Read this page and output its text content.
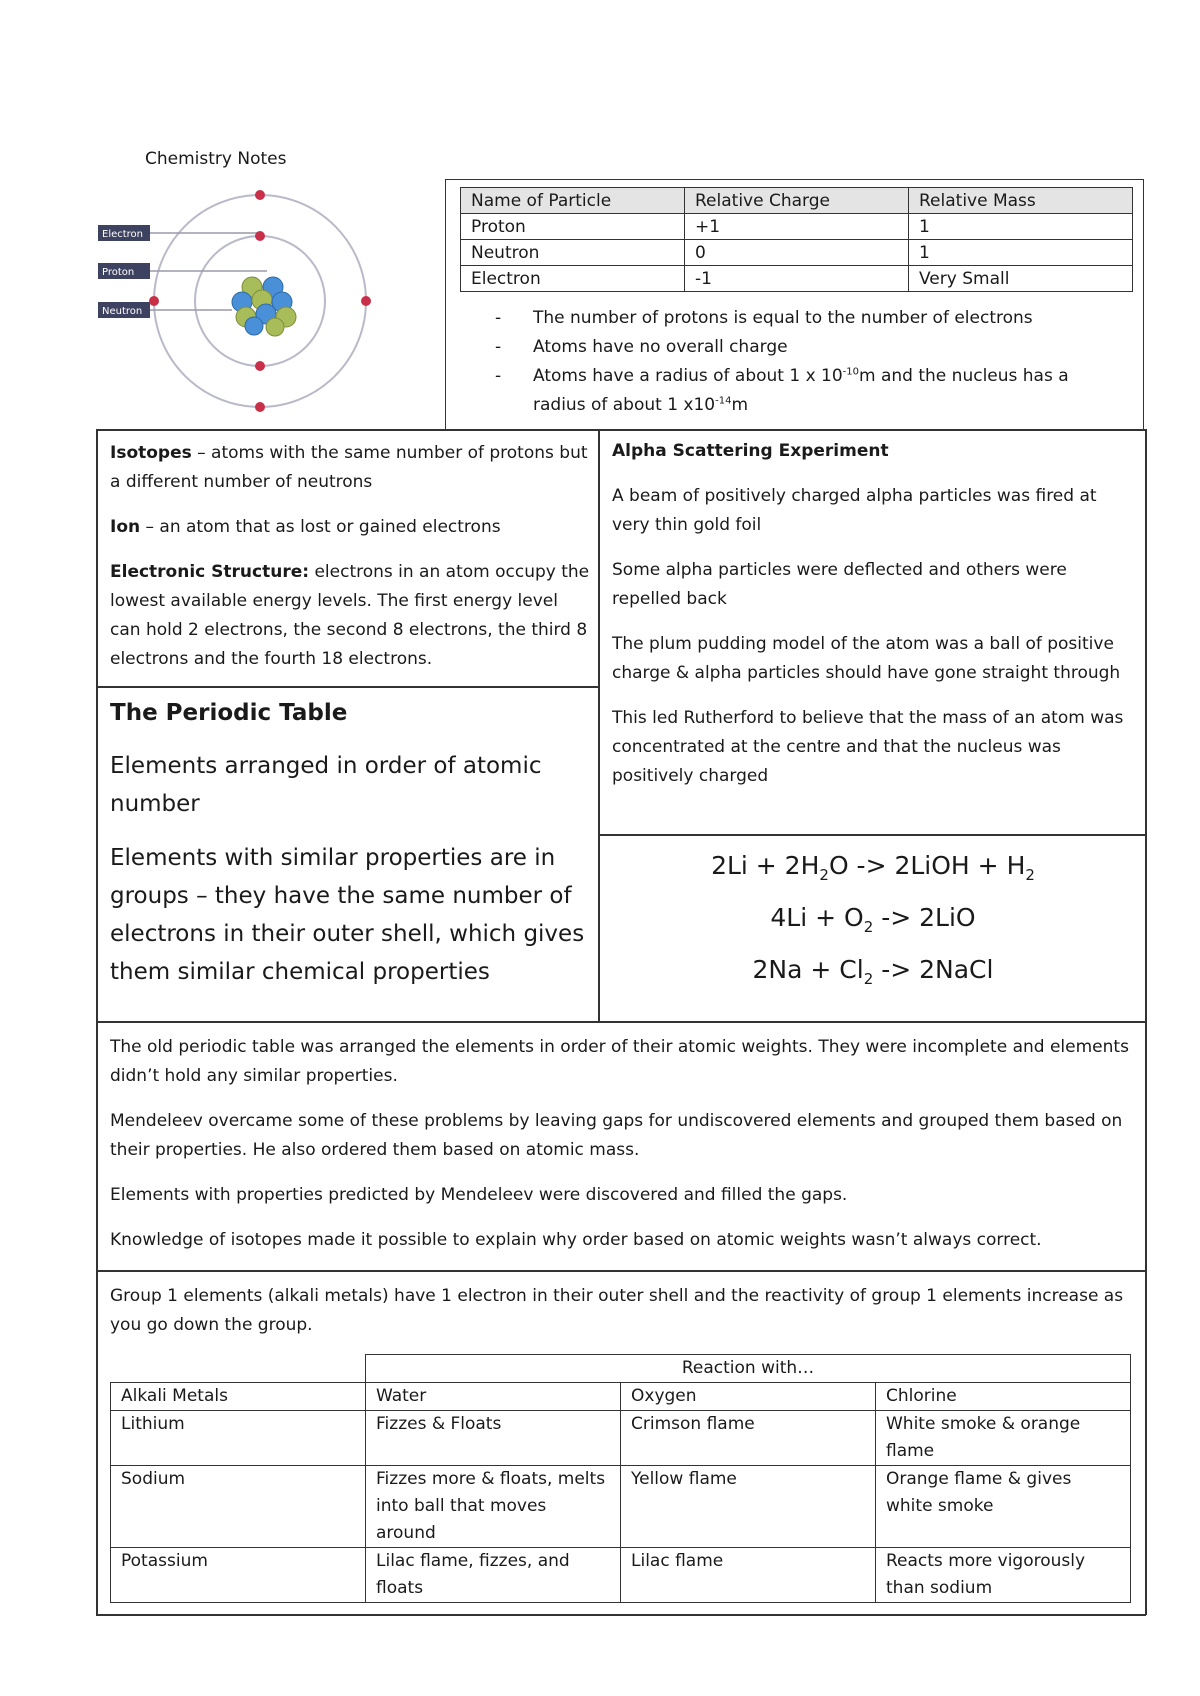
Chemistry Notes
Electron
Proton
Neutron
Name of Particle	Relative Charge	Relative Mass
Proton	+1	1
Neutron	0	1
Electron	-1	Very Small
- The number of protons is equal to the number of electrons
- Atoms have no overall charge
- Atoms have a radius of about 1 x $10^{-10}m$ and the nucleus has a radius of about 1 $x10^{-14}m$

Isotopes – atoms with the same number of protons but a different number of neutrons

Ion – an atom that as lost or gained electrons

Electronic Structure: electrons in an atom occupy the lowest available energy levels. The first energy level can hold 2 electrons, the second 8 electrons, the third 8 electrons and the fourth 18 electrons.

Alpha Scattering Experiment

A beam of positively charged alpha particles was fired at very thin gold foil

Some alpha particles were deflected and others were repelled back

The plum pudding model of the atom was a ball of positive charge & alpha particles should have gone straight through

This led Rutherford to believe that the mass of an atom was concentrated at the centre and that the nucleus was positively charged

The Periodic Table

Elements arranged in order of atomic number

Elements with similar properties are in groups – they have the same number of electrons in their outer shell, which gives them similar chemical properties

$2Li + 2H_2O$ -> 2LiOH + $H_2$

$4Li + O_2 -> 2LiO$

$2Na + Cl_2$ -> 2NaCl

The old periodic table was arranged the elements in order of their atomic weights. They were incomplete and elements didn’t hold any similar properties.

Mendeleev overcame some of these problems by leaving gaps for undiscovered elements and grouped them based on their properties. He also ordered them based on atomic mass.

Elements with properties predicted by Mendeleev were discovered and filled the gaps.

Knowledge of isotopes made it possible to explain why order based on atomic weights wasn’t always correct.

Group 1 elements (alkali metals) have 1 electron in their outer shell and the reactivity of group 1 elements increase as you go down the group.

	Reaction with…		
Alkali Metals	Water	Oxygen	Chlorine
Lithium	Fizzes & Floats	Crimson flame	White smoke & orange flame
Sodium	Fizzes more & floats, melts into ball that moves around	Yellow flame	Orange flame & gives white smoke
Potassium	Lilac flame, fizzes, and floats	Lilac flame	Reacts more vigorously than sodium
